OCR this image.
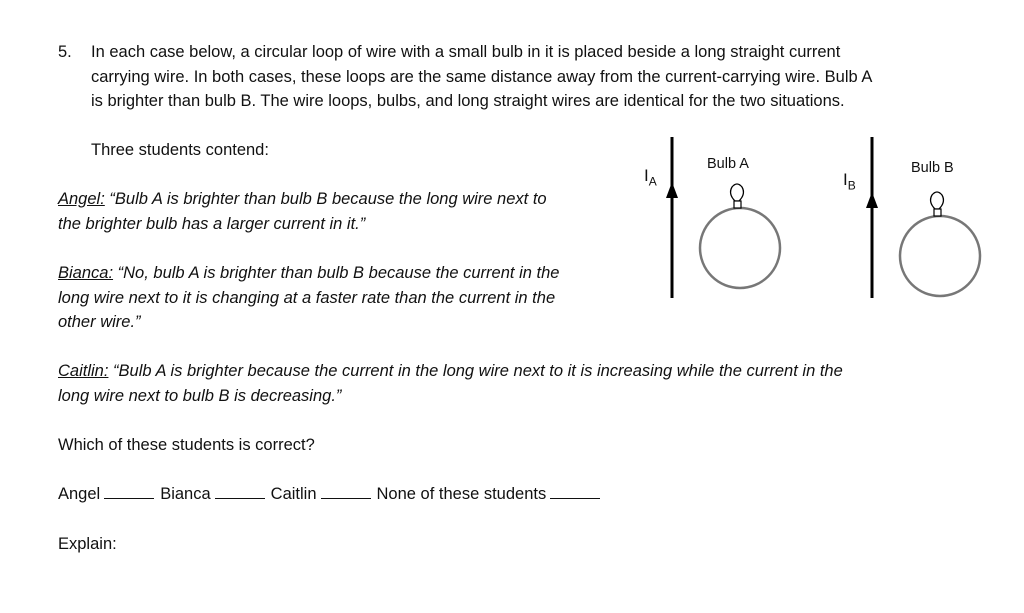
5. In each case below, a circular loop of wire with a small bulb in it is placed beside a long straight current
carrying wire. In both cases, these loops are the same distance away from the current-carrying wire. Bulb A
is brighter than bulb B. The wire loops, bulbs, and long straight wires are identical for the two situations.
Three students contend:
Angel: “Bulb A is brighter than bulb B because the long wire next to
the brighter bulb has a larger current in it.”
Bianca: “No, bulb A is brighter than bulb B because the current in the
long wire next to it is changing at a faster rate than the current in the
other wire.”
Caitlin: “Bulb A is brighter because the current in the long wire next to it is increasing while the current in the
long wire next to bulb B is decreasing.”
Which of these students is correct?
Angel	Bianca	Caitlin	None of these students
Explain:
$I_A$
Bulb A
$I_B$
Bulb B
